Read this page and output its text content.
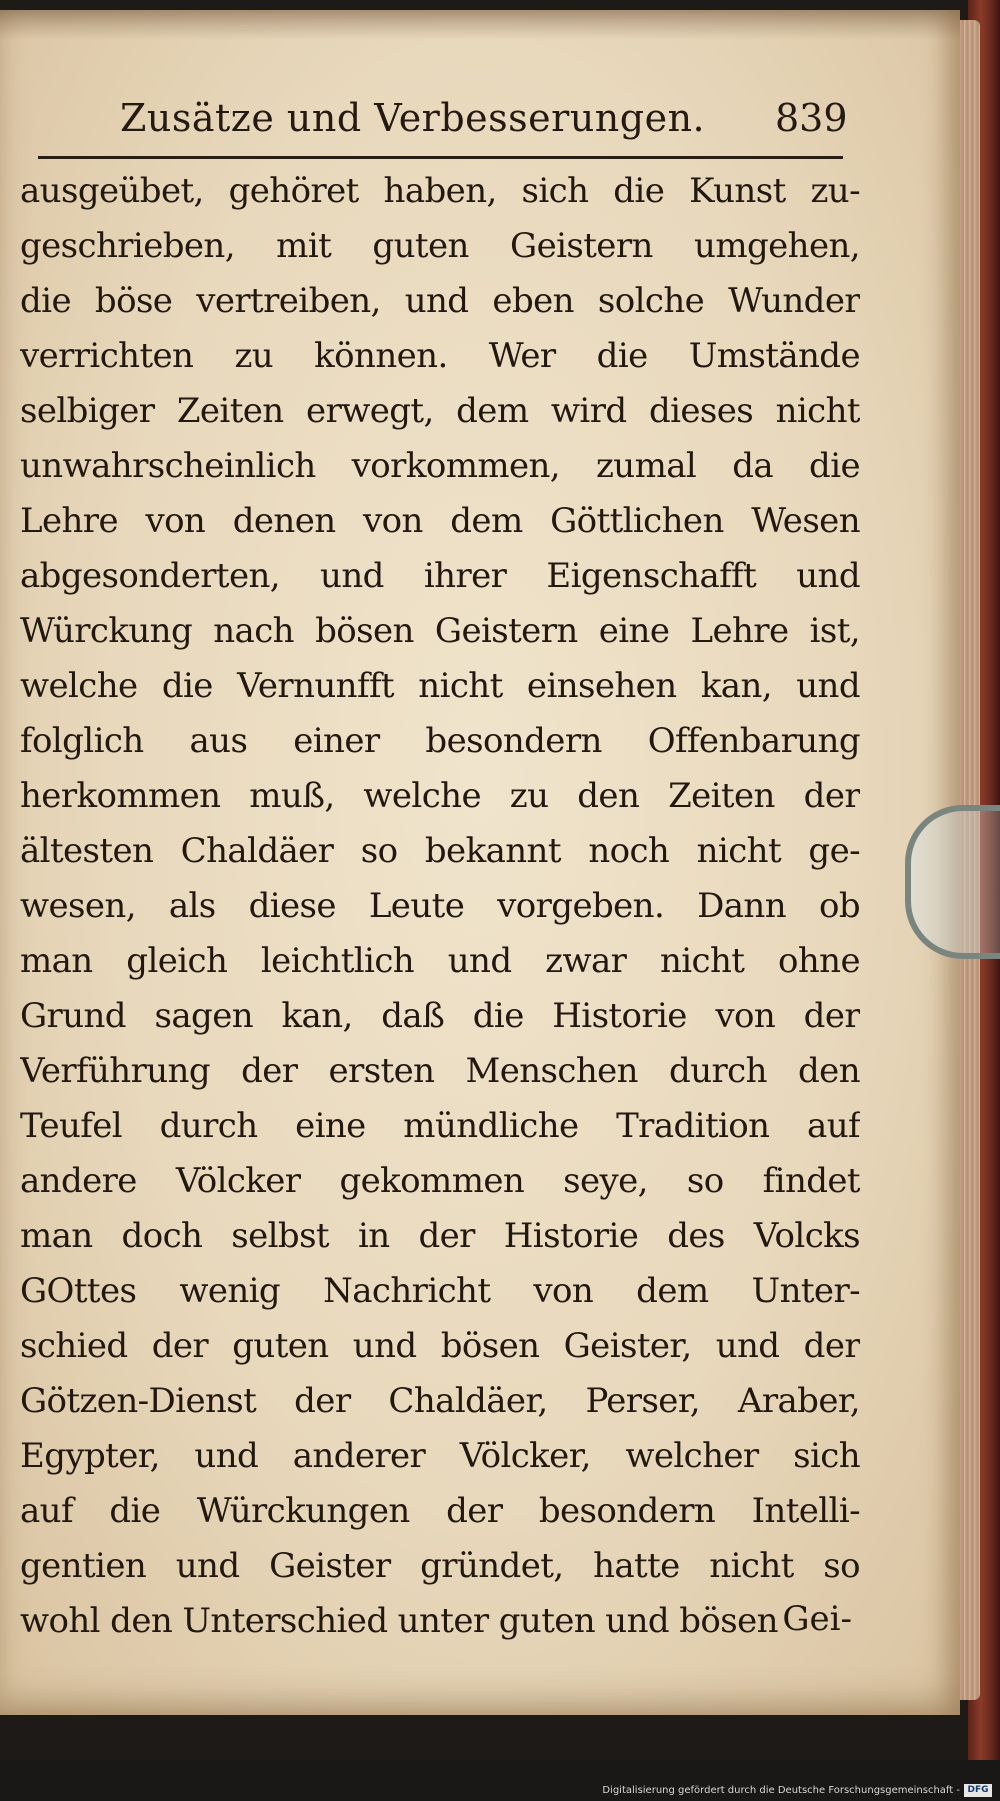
Zusätze und Verbesserungen.	839
ausgeübet, gehöret haben, sich die Kunst zu-
geschrieben, mit guten Geistern umgehen,
die böse vertreiben, und eben solche Wunder
verrichten zu können. Wer die Umstände
selbiger Zeiten erwegt, dem wird dieses nicht
unwahrscheinlich vorkommen, zumal da die
Lehre von denen von dem Göttlichen Wesen
abgesonderten, und ihrer Eigenschafft und
Würckung nach bösen Geistern eine Lehre ist,
welche die Vernunfft nicht einsehen kan, und
folglich aus einer besondern Offenbarung
herkommen muß, welche zu den Zeiten der
ältesten Chaldäer so bekannt noch nicht ge-
wesen, als diese Leute vorgeben. Dann ob
man gleich leichtlich und zwar nicht ohne
Grund sagen kan, daß die Historie von der
Verführung der ersten Menschen durch den
Teufel durch eine mündliche Tradition auf
andere Völcker gekommen seye, so findet
man doch selbst in der Historie des Volcks
GOttes wenig Nachricht von dem Unter-
schied der guten und bösen Geister, und der
Götzen-Dienst der Chaldäer, Perser, Araber,
Egypter, und anderer Völcker, welcher sich
auf die Würckungen der besondern Intelli-
gentien und Geister gründet, hatte nicht so
wohl den Unterschied unter guten und bösen Gei-
Digitalisierung gefördert durch die Deutsche Forschungsgemeinschaft - DFG
